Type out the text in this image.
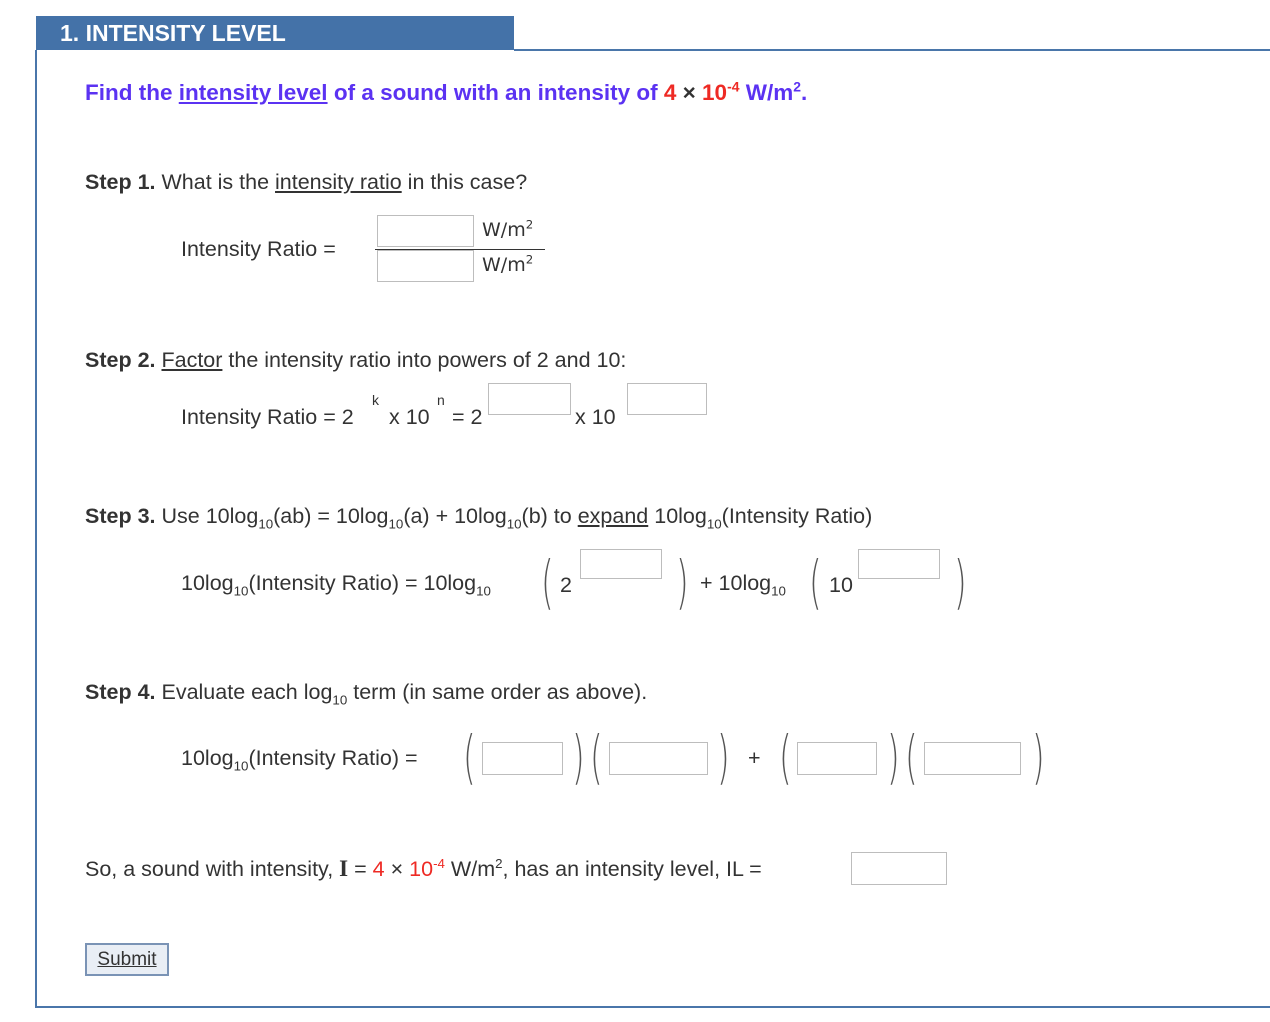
1. INTENSITY LEVEL
Find the intensity level of a sound with an intensity of $4 \times 10^{-4}$ $W/m^2$.
Step 1. What is the intensity ratio in this case?
Intensity Ratio =
$W/m^2$
$W/m^2$
Step 2. Factor the intensity ratio into powers of 2 and 10:
Intensity Ratio = 2
k
x 10
n
= 2	x 10
Step 3. Use $10\log_{10}(ab) = 10\log_{10}(a) + 10\log_{10}(b)$ to expand $10\log_{10}(Intensity$ Ratio)
$10\log_{10}(Intensity$ Ratio) = $10\log_{10}$ ( 2 ) + $10\log_{10}$ ( 10 )
Step 4. Evaluate each $\log_{10}$ term (in same order as above).
$10\log_{10}(Intensity$ Ratio) = ( ) ( ) + ( ) ( )
So, a sound with intensity, $I = 4 \times 10^{-4}$ $W/m^2$, has an intensity level, IL =
Submit
